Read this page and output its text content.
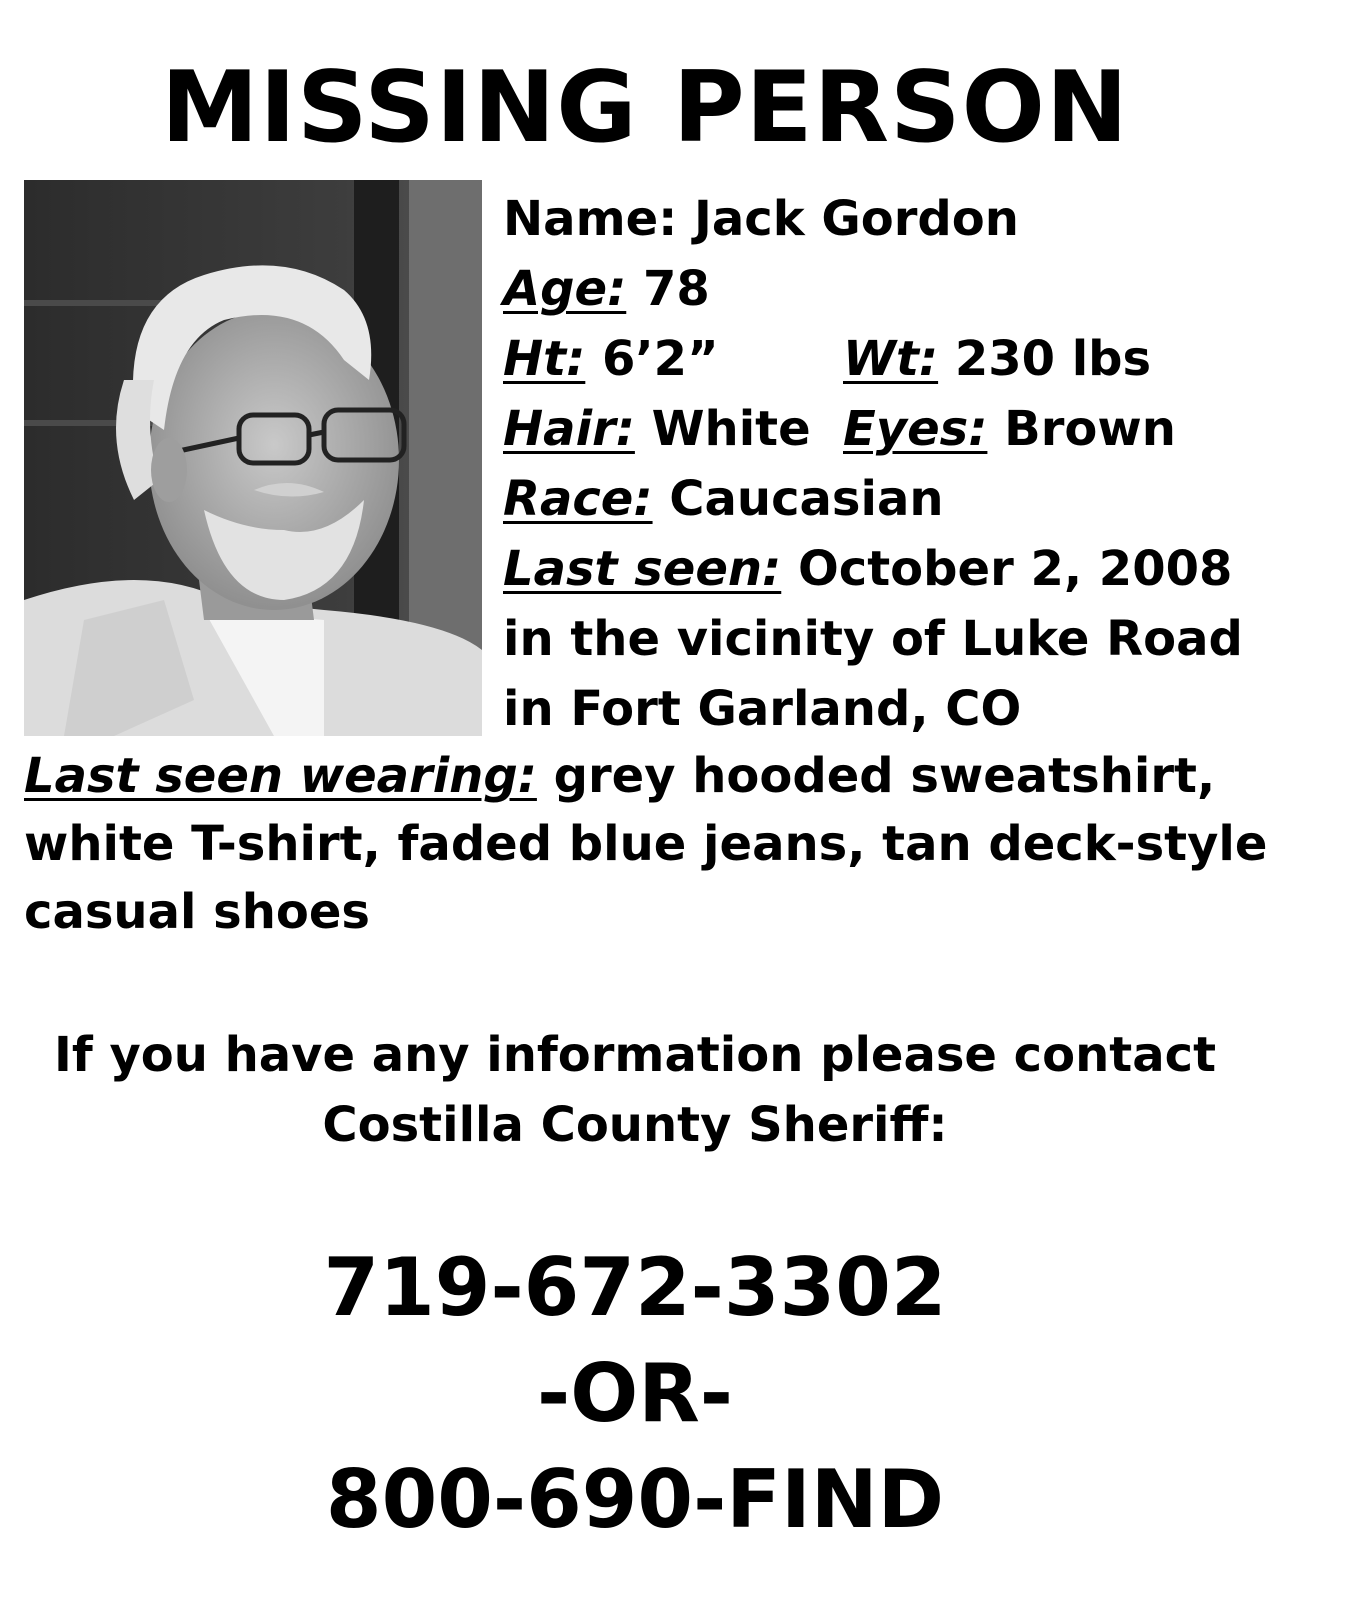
MISSING PERSON
Name: Jack Gordon
Age: 78
Ht: 6’2”	Wt: 230 lbs
Hair: White Eyes: Brown
Race: Caucasian
Last seen: October 2, 2008
in the vicinity of Luke Road
in Fort Garland, CO
Last seen wearing: grey hooded sweatshirt, white T-shirt, faded blue jeans, tan deck-style casual shoes
If you have any information please contact
Costilla County Sheriff:
719-672-3302
-OR-
800-690-FIND
